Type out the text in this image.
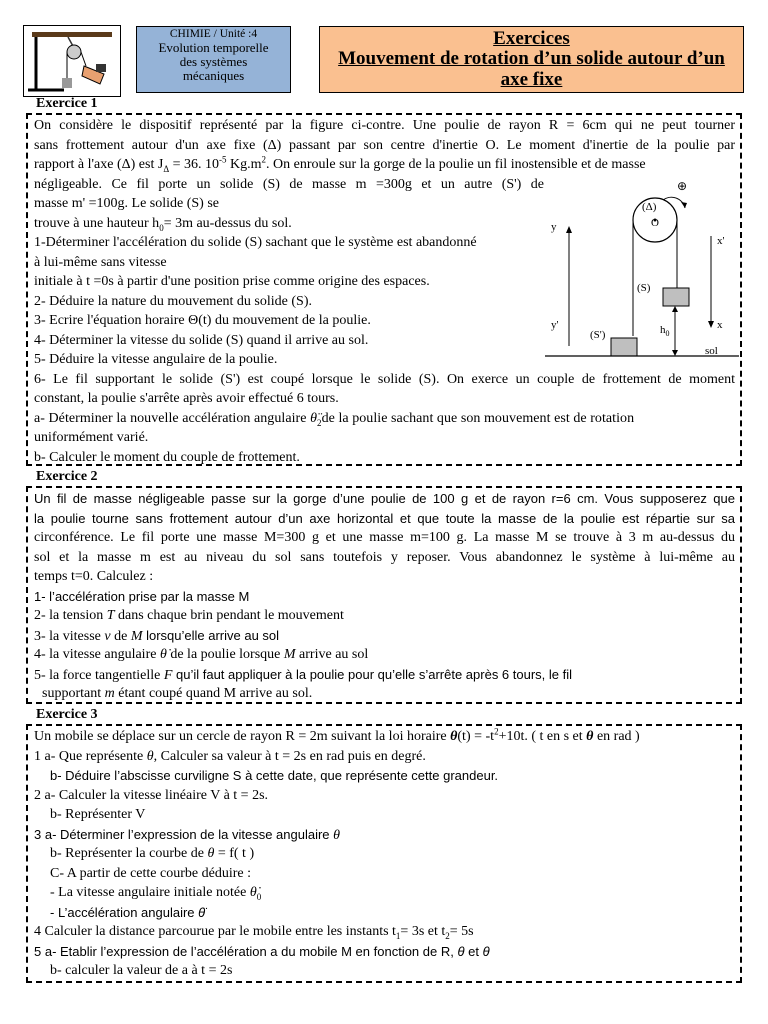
CHIMIE / Unité :4
Evolution temporelle
des systèmes
mécaniques
Exercices
Mouvement de rotation d’un solide autour d’un
axe fixe
Exercice 1
On considère le dispositif représenté par la figure ci-contre. Une poulie de rayon R = 6cm qui ne peut tourner
sans frottement autour d'un axe fixe (Δ) passant par son centre d'inertie O. Le moment d'inertie de la poulie par
rapport à l'axe (Δ) est $J_\Delta = 36$. $10^{-5}$ $Kg.m^2$. On enroule sur la gorge de la poulie un fil inostensible et de masse
négligeable. Ce fil porte un solide (S) de masse m =300g et un autre (S') de
masse m' =100g. Le solide (S) se
trouve à une hauteur $h_0= 3m$ au-dessus du sol.
1-Déterminer l'accélération du solide (S) sachant que le système est abandonné
à lui-même sans vitesse
initiale à t =0s à partir d'une position prise comme origine des espaces.
2- Déduire la nature du mouvement du solide (S).
3- Ecrire l'équation horaire Θ(t) du mouvement de la poulie.
4- Déterminer la vitesse du solide (S) quand il arrive au sol.
5- Déduire la vitesse angulaire de la poulie.
6- Le fil supportant le solide (S') est coupé lorsque le solide (S). On exerce un couple de frottement de moment
constant, la poulie s'arrête après avoir effectué 6 tours.
a- Déterminer la nouvelle accélération angulaire $\thetä_2de$ la poulie sachant que son mouvement est de rotation
uniformément varié.
b- Calculer le moment du couple de frottement.
⊕
(Δ)
O
(S)
(S')
sol
$h_0$
y
y'
x'
x
Exercice 2
Un fil de masse négligeable passe sur la gorge d’une poulie de 100 g et de rayon r=6 cm. Vous supposerez que
la poulie tourne sans frottement autour d’un axe horizontal et que toute la masse de la poulie est répartie sur sa
circonférence. Le fil porte une masse M=300 g et une masse m=100 g. La masse M se trouve à 3 m au-dessus du
sol et la masse m est au niveau du sol sans toutefois y reposer. Vous abandonnez le système à lui-même au
temps t=0. Calculez :
1- l’accélération prise par la masse M
2- la tension T dans chaque brin pendant le mouvement
3- la vitesse v de M lorsqu’elle arrive au sol
4- la vitesse angulaire θ̇ de la poulie lorsque M arrive au sol
5- la force tangentielle F qu’il faut appliquer à la poulie pour qu’elle s’arrête après 6 tours, le fil
supportant m étant coupé quand M arrive au sol.
Exercice 3
Un mobile se déplace sur un cercle de rayon R = 2m suivant la loi horaire $\theta(t) = -t^2+10t$. ( t en s et θ en rad )
1 a- Que représente θ, Calculer sa valeur à t = 2s en rad puis en degré.
b- Déduire l’abscisse curviligne S à cette date, que représente cette grandeur.
2 a- Calculer la vitesse linéaire V à t = 2s.
b- Représenter V
3 a- Déterminer l’expression de la vitesse angulaire θ
b- Représenter la courbe de θ = f( t )
C- A partir de cette courbe déduire :
- La vitesse angulaire initiale notée $\thetȧ_0$
- L’accélération angulaire θ̈
4 Calculer la distance parcourue par le mobile entre les instants $t_1= 3s$ et $t_2= 5s$
5 a- Etablir l’expression de l’accélération a du mobile M en fonction de R, θ et θ
b- calculer la valeur de a à t = 2s
